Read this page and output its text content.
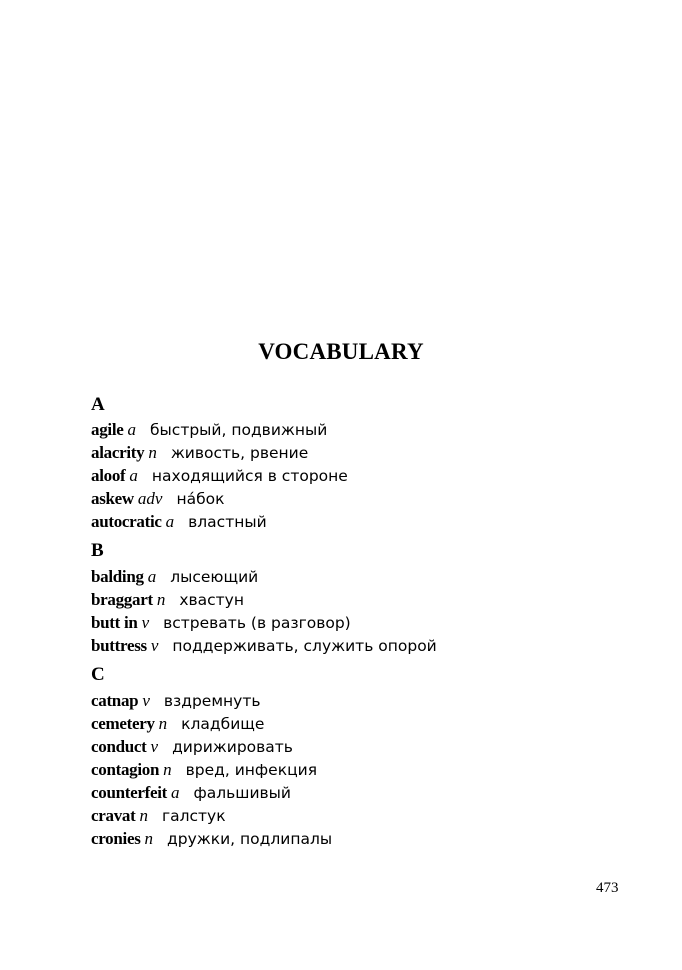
VOCABULARY
A
agile a быстрый, подвижный
alacrity n живость, рвение
aloof a находящийся в стороне
askew adv нáбок
autocratic a властный
B
balding a лысеющий
braggart n хвастун
butt in v встревать (в разговор)
buttress v поддерживать, служить опорой
C
catnap v вздремнуть
cemetery n кладбище
conduct v дирижировать
contagion n вред, инфекция
counterfeit a фальшивый
cravat n галстук
cronies n дружки, подлипалы
473
